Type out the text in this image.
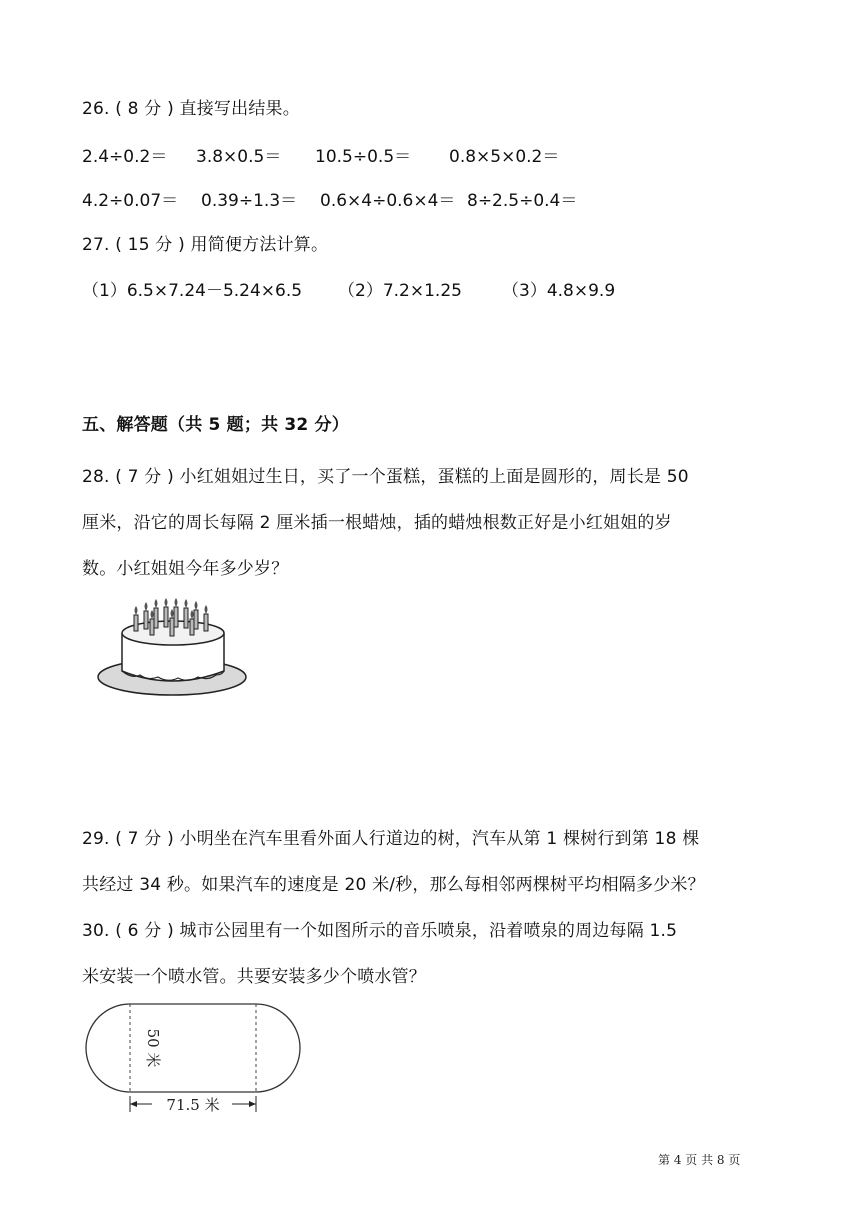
26. ( 8 分 ) 直接写出结果。
2.4÷0.2＝ 3.8×0.5＝ 10.5÷0.5＝ 0.8×5×0.2＝
4.2÷0.07＝ 0.39÷1.3＝ 0.6×4÷0.6×4＝ 8÷2.5÷0.4＝
27. ( 15 分 ) 用简便方法计算。
（1）6.5×7.24－5.24×6.5 （2）7.2×1.25 （3）4.8×9.9
五、解答题（共 5 题；共 32 分）
28. ( 7 分 ) 小红姐姐过生日，买了一个蛋糕，蛋糕的上面是圆形的，周长是 50
厘米，沿它的周长每隔 2 厘米插一根蜡烛，插的蜡烛根数正好是小红姐姐的岁
数。小红姐姐今年多少岁？
29. ( 7 分 ) 小明坐在汽车里看外面人行道边的树，汽车从第 1 棵树行到第 18 棵
共经过 34 秒。如果汽车的速度是 20 米/秒，那么每相邻两棵树平均相隔多少米？
30. ( 6 分 ) 城市公园里有一个如图所示的音乐喷泉，沿着喷泉的周边每隔 1.5
米安装一个喷水管。共要安装多少个喷水管？
50 米
71.5 米
第 4 页 共 8 页
